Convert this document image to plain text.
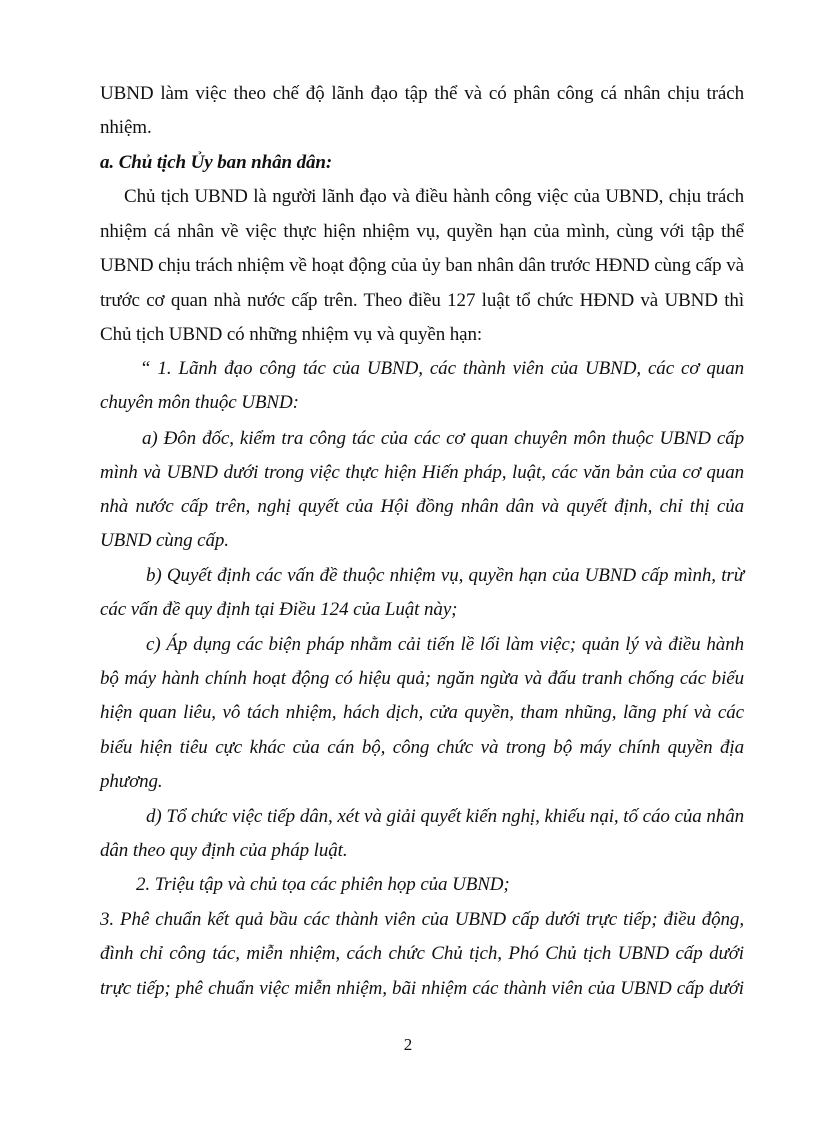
UBND làm việc theo chế độ lãnh đạo tập thể và có phân công cá nhân chịu trách
nhiệm.
a. Chủ tịch Ủy ban nhân dân:
Chủ tịch UBND là người lãnh đạo và điều hành công việc của UBND, chịu trách
nhiệm cá nhân về việc thực hiện nhiệm vụ, quyền hạn của mình, cùng với tập thể
UBND chịu trách nhiệm về hoạt động của ủy ban nhân dân trước HĐND cùng cấp và
trước cơ quan nhà nước cấp trên. Theo điều 127 luật tổ chức HĐND và UBND thì
Chủ tịch UBND có những nhiệm vụ và quyền hạn:
“ 1. Lãnh đạo công tác của UBND, các thành viên của UBND, các cơ quan
chuyên môn thuộc UBND:
a) Đôn đốc, kiểm tra công tác của các cơ quan chuyên môn thuộc UBND cấp
mình và UBND dưới trong việc thực hiện Hiến pháp, luật, các văn bản của cơ quan
nhà nước cấp trên, nghị quyết của Hội đồng nhân dân và quyết định, chỉ thị của
UBND cùng cấp.
b) Quyết định các vấn đề thuộc nhiệm vụ, quyền hạn của UBND cấp mình, trừ
các vấn đề quy định tại Điều 124 của Luật này;
c) Áp dụng các biện pháp nhằm cải tiến lề lối làm việc; quản lý và điều hành
bộ máy hành chính hoạt động có hiệu quả; ngăn ngừa và đấu tranh chống các biểu
hiện quan liêu, vô tách nhiệm, hách dịch, cửa quyền, tham nhũng, lãng phí và các
biểu hiện tiêu cực khác của cán bộ, công chức và trong bộ máy chính quyền địa
phương.
d) Tổ chức việc tiếp dân, xét và giải quyết kiến nghị, khiếu nại, tố cáo của nhân
dân theo quy định của pháp luật.
2. Triệu tập và chủ tọa các phiên họp của UBND;
3. Phê chuẩn kết quả bầu các thành viên của UBND cấp dưới trực tiếp; điều động,
đình chỉ công tác, miễn nhiệm, cách chức Chủ tịch, Phó Chủ tịch UBND cấp dưới
trực tiếp; phê chuẩn việc miễn nhiệm, bãi nhiệm các thành viên của UBND cấp dưới
2
